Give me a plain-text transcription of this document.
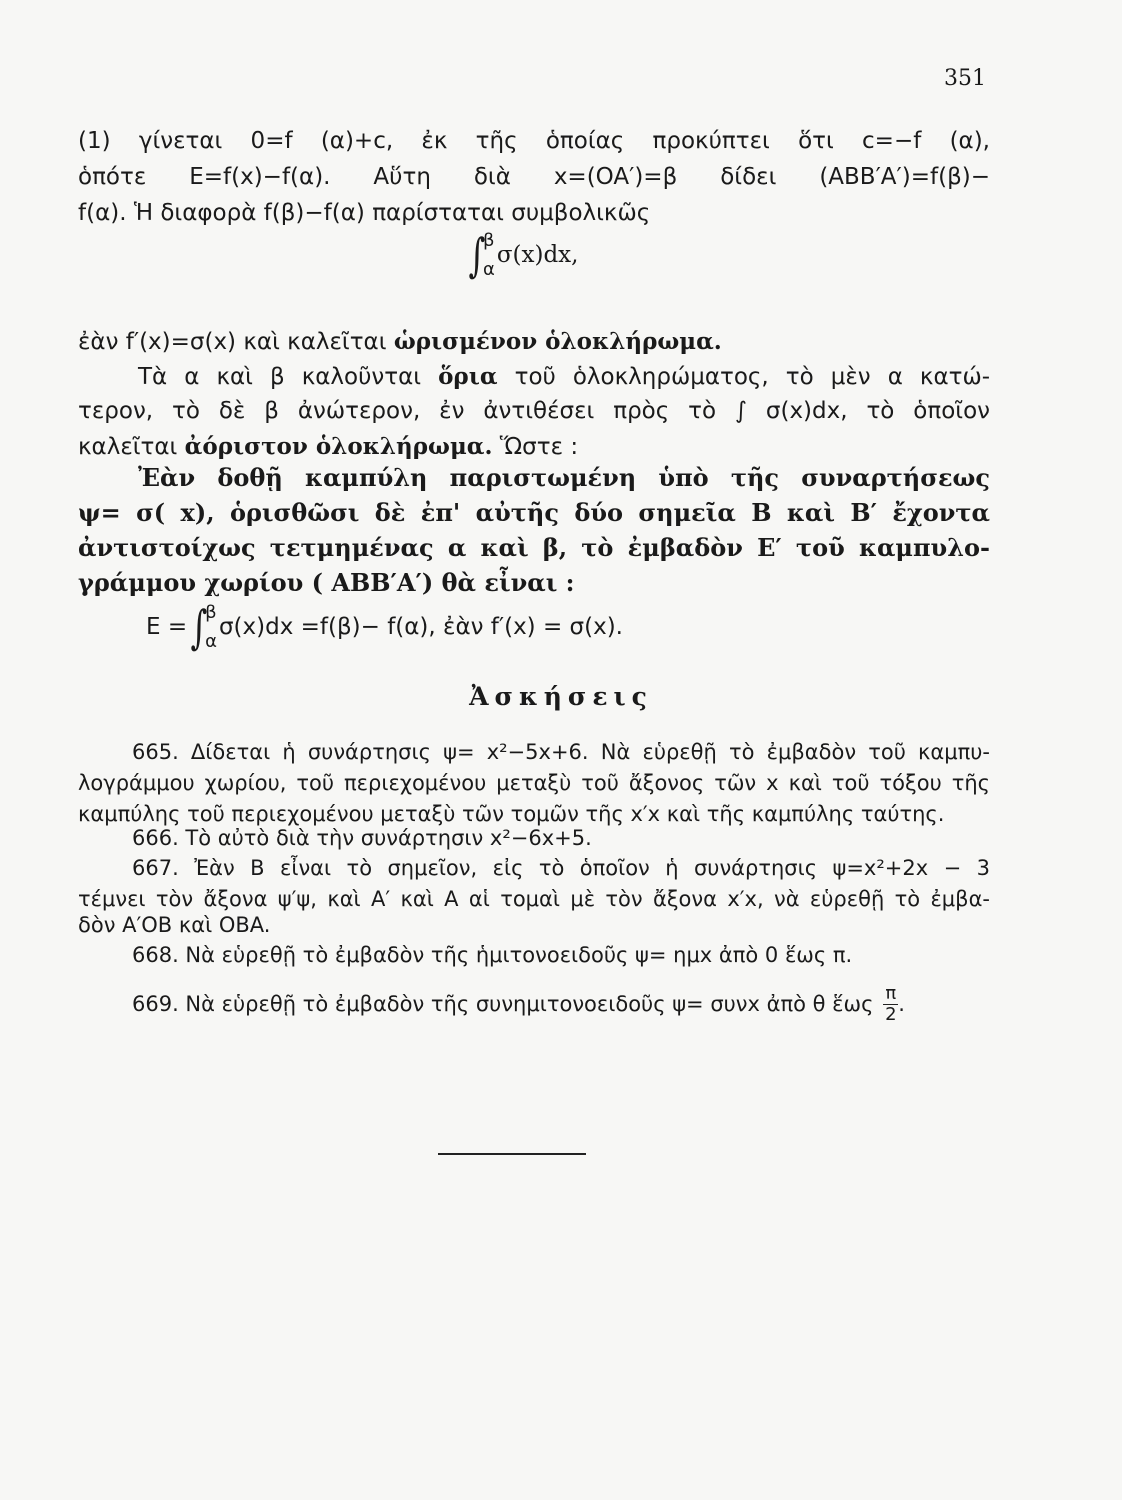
351
(1) γίνεται 0=f (α)+c, ἐκ τῆς ὁποίας προκύπτει ὅτι c=−f (α),
ὁπότε E=f(x)−f(α). Αὕτη διὰ x=(OA′)=β δίδει (ABB′A′)=f(β)−
f(α). Ἡ διαφορὰ f(β)−f(α) παρίσταται συμβολικῶς
∫
β
α
σ(x)dx,
ἐὰν f′(x)=σ(x) καὶ καλεῖται ὡρισμένον ὁλοκλήρωμα.
Τὰ α καὶ β καλοῦνται ὅρια τοῦ ὁλοκληρώματος, τὸ μὲν α κατώ-
τερον, τὸ δὲ β ἀνώτερον, ἐν ἀντιθέσει πρὸς τὸ ∫ σ(x)dx, τὸ ὁποῖον
καλεῖται ἀόριστον ὁλοκλήρωμα. Ὥστε :
Ἐὰν δοθῇ καμπύλη παριστωμένη ὑπὸ τῆς συναρτήσεως
ψ= σ( x), ὁρισθῶσι δὲ ἐπ' αὐτῆς δύο σημεῖα B καὶ B′ ἔχοντα
ἀντιστοίχως τετμημένας α καὶ β, τὸ ἐμβαδὸν E′ τοῦ καμπυλο-
γράμμου χωρίου ( ABB′A′) θὰ εἶναι :
E = ∫
β
α
σ(x)dx =f(β)− f(α), ἐὰν f′(x) = σ(x).
Ἀσκήσεις
665. Δίδεται ἡ συνάρτησις ψ= x²−5x+6. Νὰ εὑρεθῇ τὸ ἐμβαδὸν τοῦ καμπυ-
λογράμμου χωρίου, τοῦ περιεχομένου μεταξὺ τοῦ ἄξονος τῶν x καὶ τοῦ τόξου τῆς
καμπύλης τοῦ περιεχομένου μεταξὺ τῶν τομῶν τῆς x′x καὶ τῆς καμπύλης ταύτης.
666. Τὸ αὐτὸ διὰ τὴν συνάρτησιν x²−6x+5.
667. Ἐὰν B εἶναι τὸ σημεῖον, εἰς τὸ ὁποῖον ἡ συνάρτησις ψ=x²+2x − 3
τέμνει τὸν ἄξονα ψ′ψ, καὶ A′ καὶ A αἱ τομαὶ μὲ τὸν ἄξονα x′x, νὰ εὑρεθῇ τὸ ἐμβα-
δὸν A′OB καὶ OBA.
668. Νὰ εὑρεθῇ τὸ ἐμβαδὸν τῆς ἡμιτονοειδοῦς ψ= ημx ἀπὸ 0 ἕως π.
669. Νὰ εὑρεθῇ τὸ ἐμβαδὸν τῆς συνημιτονοειδοῦς ψ= συνx ἀπὸ θ ἕως $\frac{\pi}{2}$ .
